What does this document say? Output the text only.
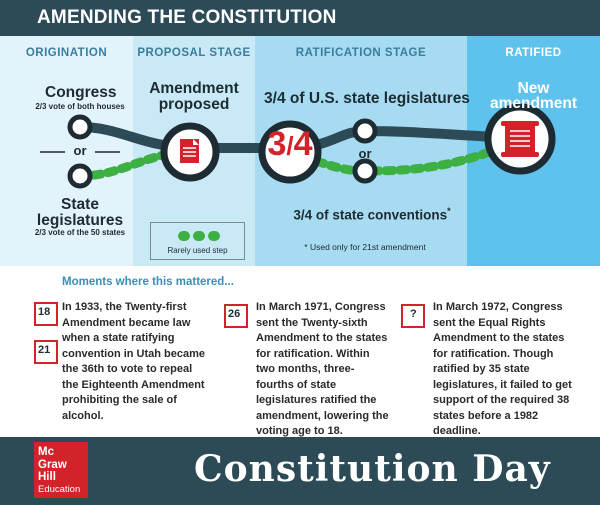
AMENDING THE CONSTITUTION
ORIGINATION	PROPOSAL STAGE	RATIFICATION STAGE	RATIFIED
Congress
2/3 vote of both houses
or
State
legislatures
2/3 vote of the 50 states
Amendment
proposed
3/4
3/4 of U.S. state legislatures
or
3/4 of state conventions*
* Used only for 21st amendment
New
amendment
Rarely used step
Moments where this mattered...
18
21
In 1933, the Twenty-first Amendment became law when a state ratifying convention in Utah became the 36th to vote to repeal the Eighteenth Amendment prohibiting the sale of alcohol.
26
In March 1971, Congress sent the Twenty-sixth Amendment to the states for ratification. Within two months, three-fourths of state legislatures ratified the amendment, lowering the voting age to 18.
?
In March 1972, Congress sent the Equal Rights Amendment to the states for ratification. Though ratified by 35 state legislatures, it failed to get support of the required 38 states before a 1982 deadline.
Mc
Graw
Hill
Education	Constitution Day
